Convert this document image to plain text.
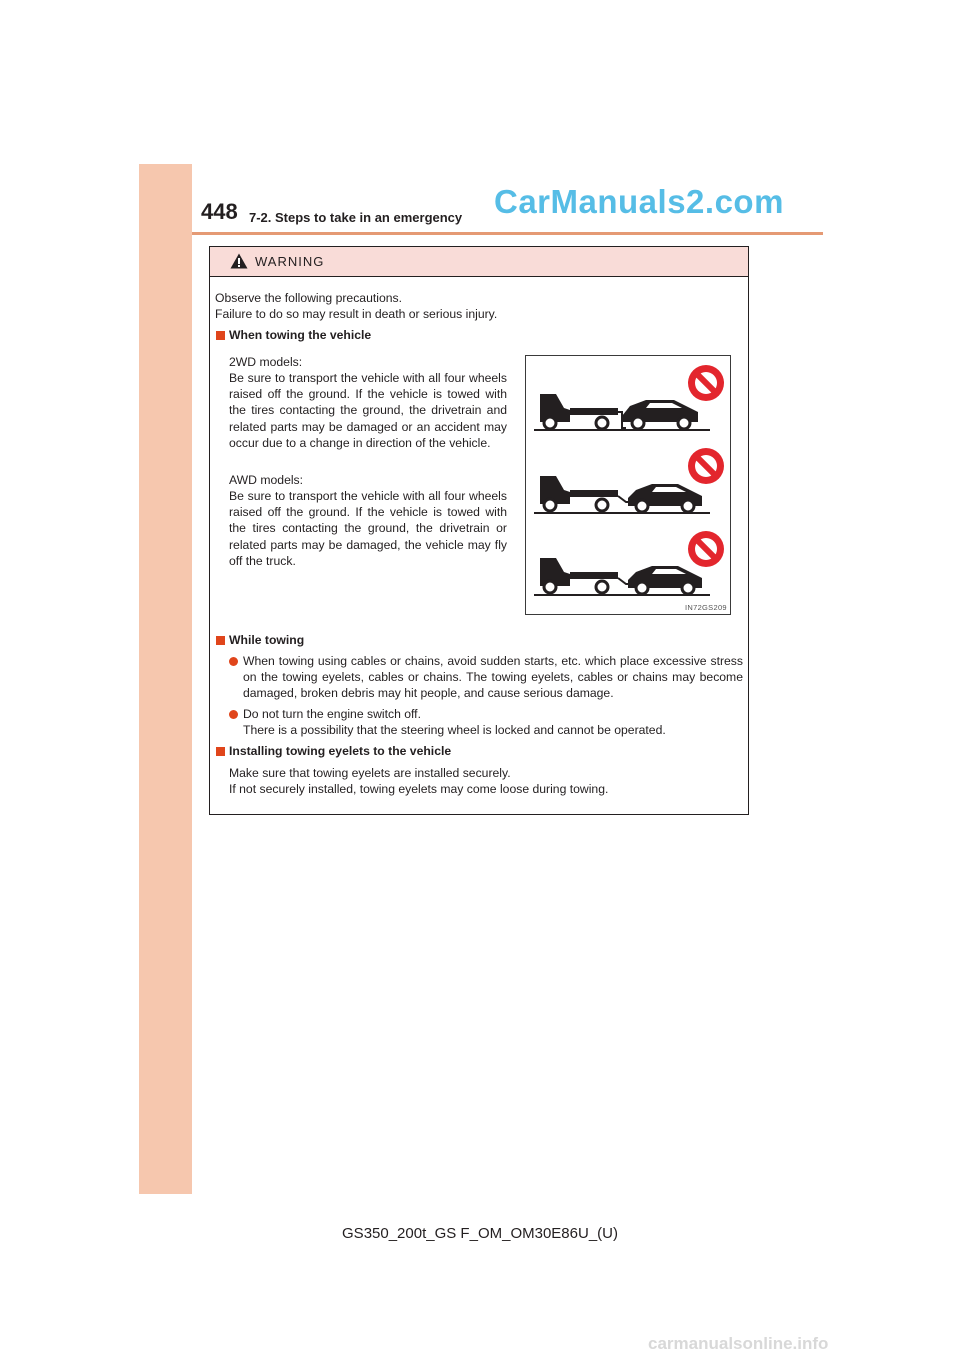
448 7-2. Steps to take in an emergency CarManuals2.com
WARNING
Observe the following precautions.
Failure to do so may result in death or serious injury.
When towing the vehicle
2WD models:
Be sure to transport the vehicle with all four wheels raised off the ground. If the vehicle is towed with the tires contacting the ground, the drivetrain and related parts may be damaged or an accident may occur due to a change in direction of the vehicle.
AWD models:
Be sure to transport the vehicle with all four wheels raised off the ground. If the vehicle is towed with the tires contacting the ground, the drivetrain or related parts may be damaged, the vehicle may fly off the truck.
IN72GS209
While towing
When towing using cables or chains, avoid sudden starts, etc. which place excessive stress on the towing eyelets, cables or chains. The towing eyelets, cables or chains may become damaged, broken debris may hit people, and cause serious damage.
Do not turn the engine switch off.
There is a possibility that the steering wheel is locked and cannot be operated.
Installing towing eyelets to the vehicle
Make sure that towing eyelets are installed securely.
If not securely installed, towing eyelets may come loose during towing.
GS350_200t_GS F_OM_OM30E86U_(U)
carmanualsonline.info
